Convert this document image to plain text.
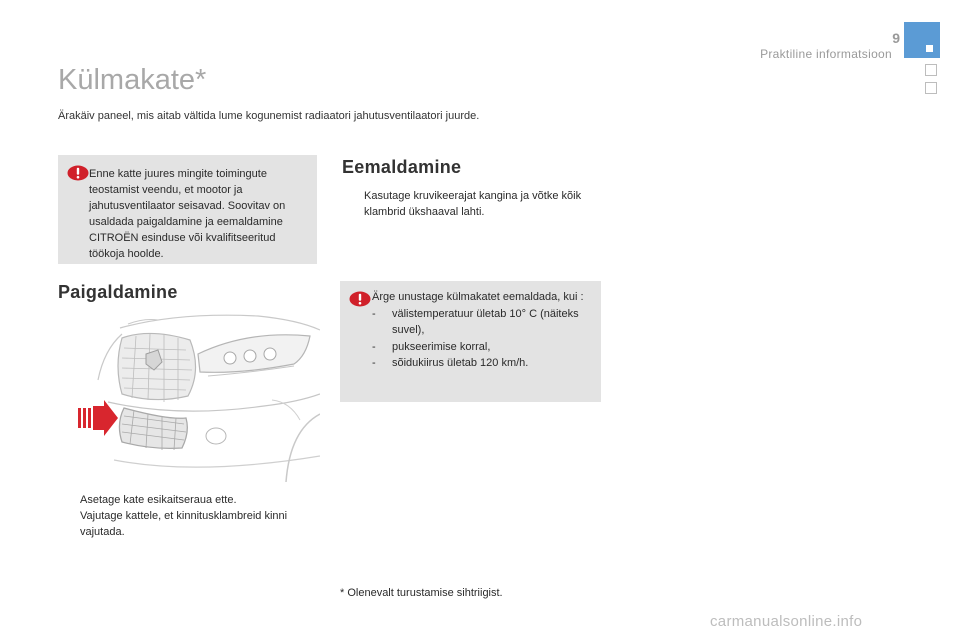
9
Praktiline informatsioon
Külmakate*
Ärakäiv paneel, mis aitab vältida lume kogunemist radiaatori jahutusventilaatori juurde.
Enne katte juures mingite toimingute teostamist veendu, et mootor ja jahutusventilaator seisavad. Soovitav on usaldada paigaldamine ja eemaldamine CITROËN esinduse või kvalifitseeritud töökoja hoolde.
Paigaldamine
Asetage kate esikaitseraua ette.
Vajutage kattele, et kinnitusklambreid kinni vajutada.
Eemaldamine
Kasutage kruvikeerajat kangina ja võtke kõik klambrid ükshaaval lahti.
Ärge unustage külmakatet eemaldada, kui :
-	välistemperatuur ületab 10° C (näiteks suvel),
-	pukseerimise korral,
-	sõidukiirus ületab 120 km/h.
* Olenevalt turustamise sihtriigist.
carmanualsonline.info
